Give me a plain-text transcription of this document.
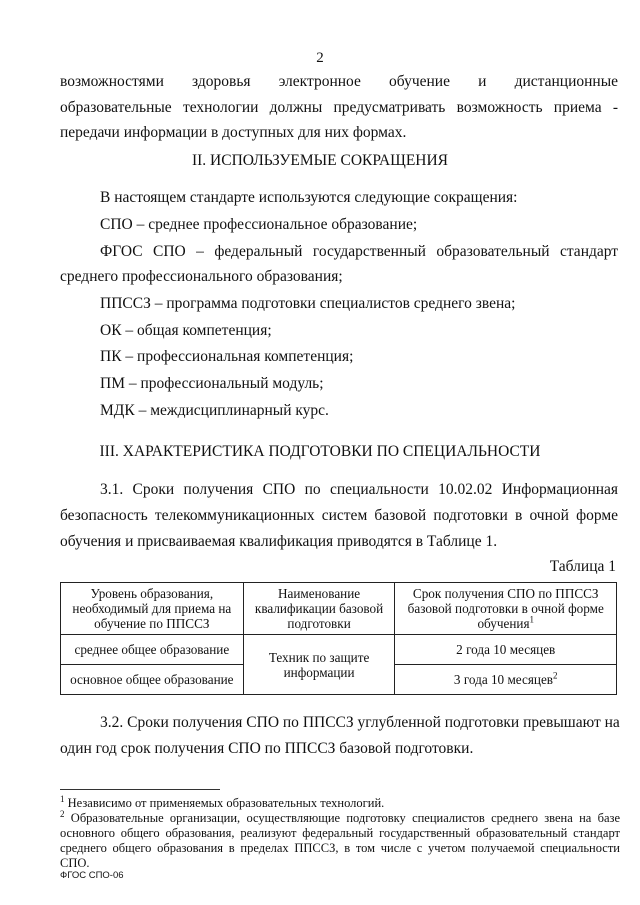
2
возможностями здоровья электронное обучение и дистанционные
образовательные технологии должны предусматривать возможность приема -
передачи информации в доступных для них формах.
II. ИСПОЛЬЗУЕМЫЕ СОКРАЩЕНИЯ
В настоящем стандарте используются следующие сокращения:
СПО – среднее профессиональное образование;
ФГОС СПО – федеральный государственный образовательный стандарт
среднего профессионального образования;
ППССЗ – программа подготовки специалистов среднего звена;
ОК – общая компетенция;
ПК – профессиональная компетенция;
ПМ – профессиональный модуль;
МДК – междисциплинарный курс.
III. ХАРАКТЕРИСТИКА ПОДГОТОВКИ ПО СПЕЦИАЛЬНОСТИ
3.1. Сроки получения СПО по специальности 10.02.02 Информационная
безопасность телекоммуникационных систем базовой подготовки в очной форме
обучения и присваиваемая квалификация приводятся в Таблице 1.
Таблица 1
Уровень образования, необходимый для приема на обучение по ППССЗ	Наименование квалификации базовой подготовки	Срок получения СПО по ППССЗ базовой подготовки в очной форме обучения$^1$
среднее общее образование	Техник по защите информации	2 года 10 месяцев
основное общее образование		3 года 10 месяцев$^2$
3.2. Сроки получения СПО по ППССЗ углубленной подготовки превышают на
один год срок получения СПО по ППССЗ базовой подготовки.
$^1$ Независимо от применяемых образовательных технологий.
$^2$ Образовательные организации, осуществляющие подготовку специалистов среднего звена на базе основного общего образования, реализуют федеральный государственный образовательный стандарт среднего общего образования в пределах ППССЗ, в том числе с учетом получаемой специальности СПО.
ФГОС СПО-06
